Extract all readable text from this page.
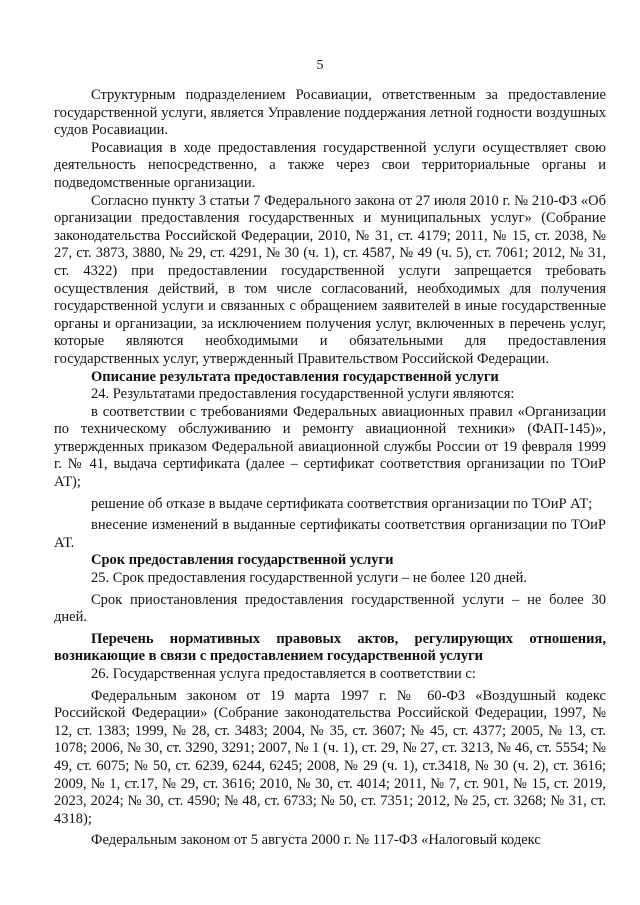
5

Структурным подразделением Росавиации, ответственным за предоставление государственной услуги, является Управление поддержания летной годности воздушных судов Росавиации.

Росавиация в ходе предоставления государственной услуги осуществляет свою деятельность непосредственно, а также через свои территориальные органы и подведомственные организации.

Согласно пункту 3 статьи 7 Федерального закона от 27 июля 2010 г. № 210-ФЗ «Об организации предоставления государственных и муниципальных услуг» (Собрание законодательства Российской Федерации, 2010, № 31, ст. 4179; 2011, № 15, ст. 2038, № 27, ст. 3873, 3880, № 29, ст. 4291, № 30 (ч. 1), ст. 4587, № 49 (ч. 5), ст. 7061; 2012, № 31, ст. 4322) при предоставлении государственной услуги запрещается требовать осуществления действий, в том числе согласований, необходимых для получения государственной услуги и связанных с обращением заявителей в иные государственные органы и организации, за исключением получения услуг, включенных в перечень услуг, которые являются необходимыми и обязательными для предоставления государственных услуг, утвержденный Правительством Российской Федерации.

Описание результата предоставления государственной услуги

24. Результатами предоставления государственной услуги являются:

в соответствии с требованиями Федеральных авиационных правил «Организации по техническому обслуживанию и ремонту авиационной техники» (ФАП-145)», утвержденных приказом Федеральной авиационной службы России от 19 февраля 1999 г. № 41, выдача сертификата (далее – сертификат соответствия организации по ТОиР АТ);

решение об отказе в выдаче сертификата соответствия организации по ТОиР АТ;

внесение изменений в выданные сертификаты соответствия организации по ТОиР АТ.

Срок предоставления государственной услуги

25. Срок предоставления государственной услуги – не более 120 дней.

Срок приостановления предоставления государственной услуги – не более 30 дней.

Перечень нормативных правовых актов, регулирующих отношения, возникающие в связи с предоставлением государственной услуги

26. Государственная услуга предоставляется в соответствии с:

Федеральным законом от 19 марта 1997 г. № 60-ФЗ «Воздушный кодекс Российской Федерации» (Собрание законодательства Российской Федерации, 1997, № 12, ст. 1383; 1999, № 28, ст. 3483; 2004, № 35, ст. 3607; № 45, ст. 4377; 2005, № 13, ст. 1078; 2006, № 30, ст. 3290, 3291; 2007, № 1 (ч. 1), ст. 29, № 27, ст. 3213, № 46, ст. 5554; № 49, ст. 6075; № 50, ст. 6239, 6244, 6245; 2008, № 29 (ч. 1), ст.3418, № 30 (ч. 2), ст. 3616; 2009, № 1, ст.17, № 29, ст. 3616; 2010, № 30, ст. 4014; 2011, № 7, ст. 901, № 15, ст. 2019, 2023, 2024; № 30, ст. 4590; № 48, ст. 6733; № 50, ст. 7351; 2012, № 25, ст. 3268; № 31, ст. 4318);

Федеральным законом от 5 августа 2000 г. № 117-ФЗ «Налоговый кодекс
